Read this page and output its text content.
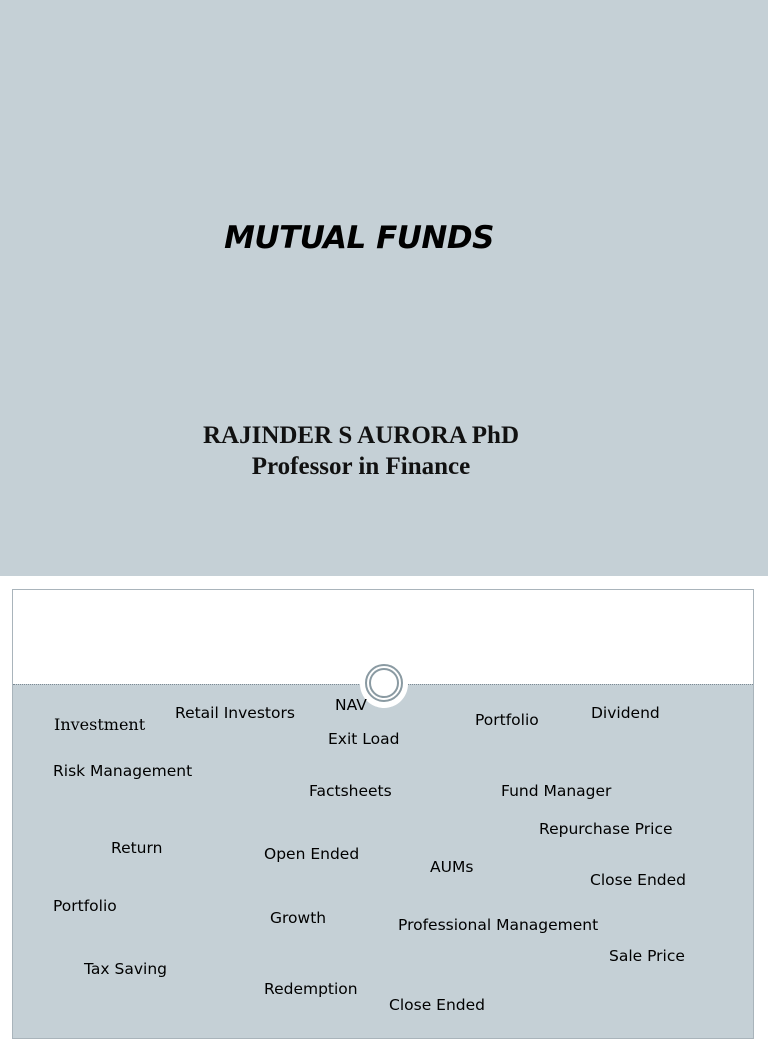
MUTUAL FUNDS
RAJINDER S AURORA PhD
Professor in Finance
Investment
Retail Investors	NAV
Exit Load
Portfolio	Dividend
Risk Management
Factsheets	Fund Manager
Repurchase Price
Return	Open Ended
AUMs
Close Ended
Portfolio
Growth	Professional Management
Sale Price
Tax Saving
Redemption
Close Ended
